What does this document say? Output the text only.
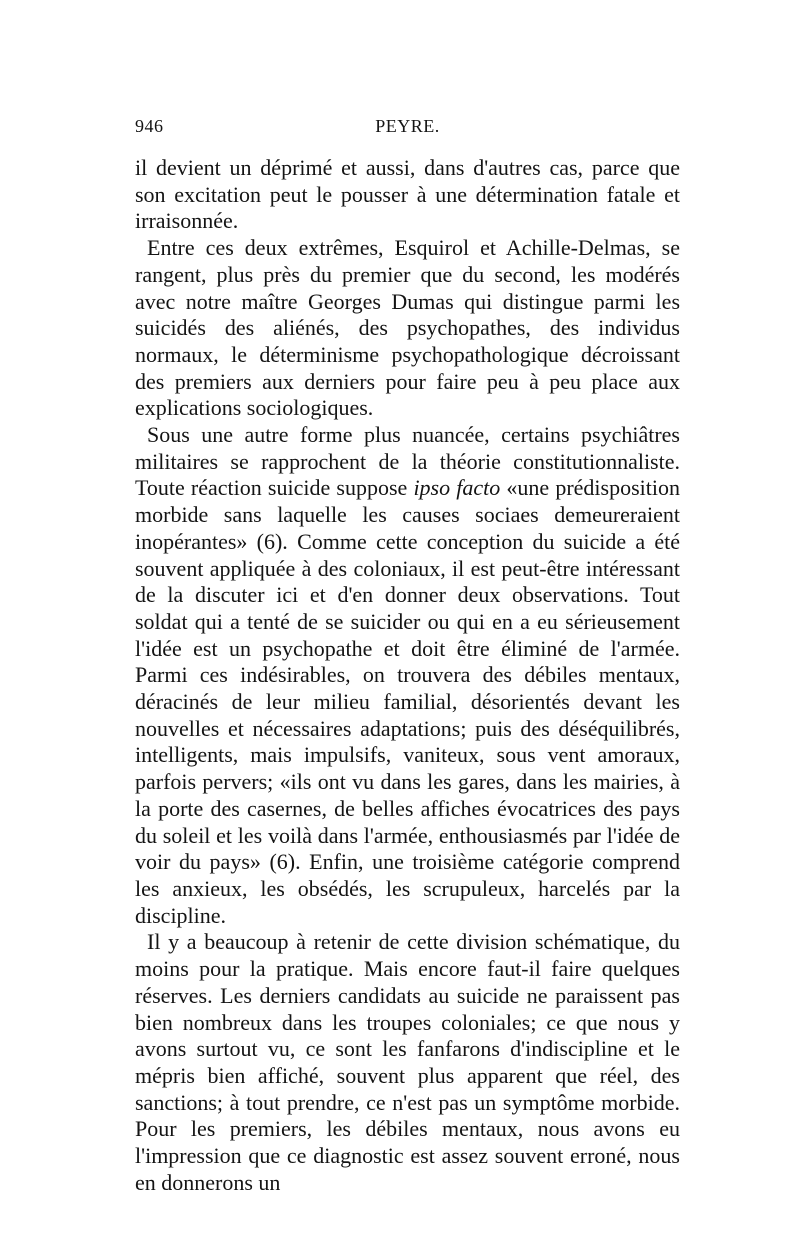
946	PEYRE.

il devient un déprimé et aussi, dans d'autres cas, parce que son excitation peut le pousser à une détermination fatale et irraisonnée.

Entre ces deux extrêmes, Esquirol et Achille-Delmas, se rangent, plus près du premier que du second, les modérés avec notre maître Georges Dumas qui distingue parmi les suicidés des aliénés, des psychopathes, des individus normaux, le déterminisme psychopathologique décroissant des premiers aux derniers pour faire peu à peu place aux explications sociologiques.

Sous une autre forme plus nuancée, certains psychiâtres militaires se rapprochent de la théorie constitutionnaliste. Toute réaction suicide suppose ipso facto «une prédisposition morbide sans laquelle les causes sociaes demeureraient inopérantes» (6). Comme cette conception du suicide a été souvent appliquée à des coloniaux, il est peut-être intéressant de la discuter ici et d'en donner deux observations. Tout soldat qui a tenté de se suicider ou qui en a eu sérieusement l'idée est un psychopathe et doit être éliminé de l'armée. Parmi ces indésirables, on trouvera des débiles mentaux, déracinés de leur milieu familial, désorientés devant les nouvelles et nécessaires adaptations; puis des déséquilibrés, intelligents, mais impulsifs, vaniteux, sous vent amoraux, parfois pervers; «ils ont vu dans les gares, dans les mairies, à la porte des casernes, de belles affiches évocatrices des pays du soleil et les voilà dans l'armée, enthousiasmés par l'idée de voir du pays» (6). Enfin, une troisième catégorie comprend les anxieux, les obsédés, les scrupuleux, harcelés par la discipline.

Il y a beaucoup à retenir de cette division schématique, du moins pour la pratique. Mais encore faut-il faire quelques réserves. Les derniers candidats au suicide ne paraissent pas bien nombreux dans les troupes coloniales; ce que nous y avons surtout vu, ce sont les fanfarons d'indiscipline et le mépris bien affiché, souvent plus apparent que réel, des sanctions; à tout prendre, ce n'est pas un symptôme morbide. Pour les premiers, les débiles mentaux, nous avons eu l'impression que ce diagnostic est assez souvent erroné, nous en donnerons un
